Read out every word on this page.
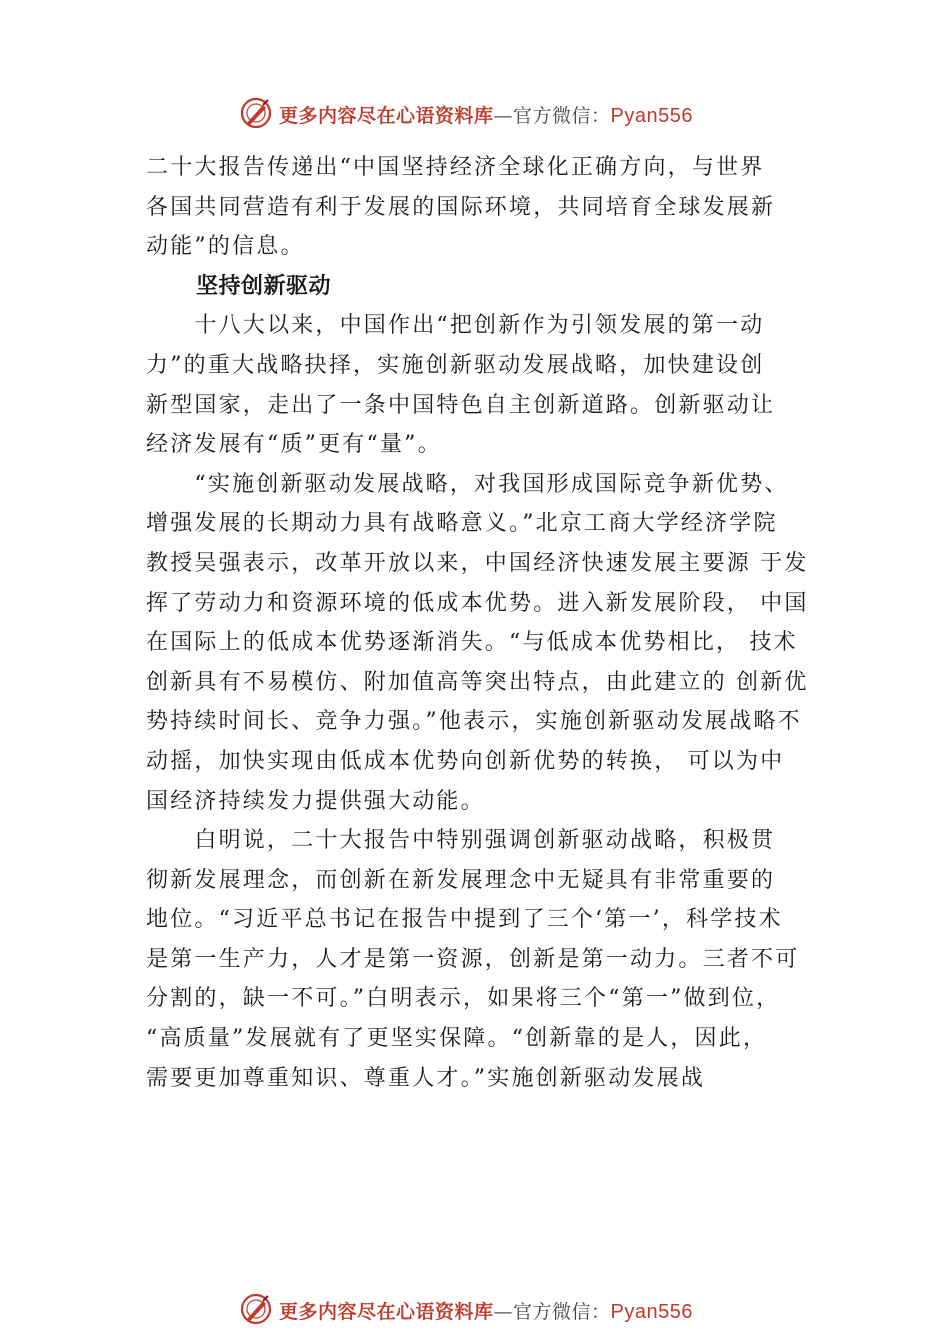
更多内容尽在心语资料库—官方微信：Pyan556
二十大报告传递出“中国坚持经济全球化正确方向，与世界
各国共同营造有利于发展的国际环境，共同培育全球发展新
动能”的信息。
坚持创新驱动
　　十八大以来，中国作出“把创新作为引领发展的第一动
力”的重大战略抉择，实施创新驱动发展战略，加快建设创
新型国家，走出了一条中国特色自主创新道路。创新驱动让
经济发展有“质”更有“量”。
　　“实施创新驱动发展战略，对我国形成国际竞争新优势、
增强发展的长期动力具有战略意义。”北京工商大学经济学院
教授吴强表示，改革开放以来，中国经济快速发展主要源 于发
挥了劳动力和资源环境的低成本优势。进入新发展阶段， 中国
在国际上的低成本优势逐渐消失。“与低成本优势相比， 技术
创新具有不易模仿、附加值高等突出特点，由此建立的 创新优
势持续时间长、竞争力强。”他表示，实施创新驱动发展战略不
动摇，加快实现由低成本优势向创新优势的转换， 可以为中
国经济持续发力提供强大动能。
　　白明说，二十大报告中特别强调创新驱动战略，积极贯
彻新发展理念，而创新在新发展理念中无疑具有非常重要的
地位。“习近平总书记在报告中提到了三个‘第一’，科学技术
是第一生产力，人才是第一资源，创新是第一动力。三者不可
分割的，缺一不可。”白明表示，如果将三个“第一”做到位，
“高质量”发展就有了更坚实保障。“创新靠的是人，因此，
需要更加尊重知识、尊重人才。”实施创新驱动发展战
更多内容尽在心语资料库—官方微信：Pyan556
